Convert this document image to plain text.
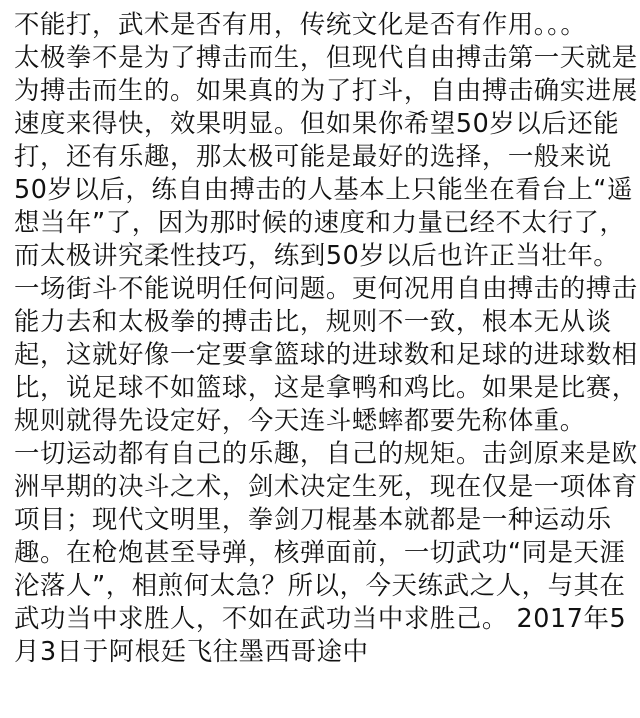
不能打，武术是否有用，传统文化是否有作用。。。
太极拳不是为了搏击而生，但现代自由搏击第一天就是
为搏击而生的。如果真的为了打斗，自由搏击确实进展
速度来得快，效果明显。但如果你希望50岁以后还能
打，还有乐趣，那太极可能是最好的选择，一般来说
50岁以后，练自由搏击的人基本上只能坐在看台上“遥
想当年”了，因为那时候的速度和力量已经不太行了，
而太极讲究柔性技巧，练到50岁以后也许正当壮年。
一场街斗不能说明任何问题。更何况用自由搏击的搏击
能力去和太极拳的搏击比，规则不一致，根本无从谈
起，这就好像一定要拿篮球的进球数和足球的进球数相
比，说足球不如篮球，这是拿鸭和鸡比。如果是比赛，
规则就得先设定好，今天连斗蟋蟀都要先称体重。
一切运动都有自己的乐趣，自己的规矩。击剑原来是欧
洲早期的决斗之术，剑术决定生死，现在仅是一项体育
项目；现代文明里，拳剑刀棍基本就都是一种运动乐
趣。在枪炮甚至导弹，核弹面前，一切武功“同是天涯
沦落人”，相煎何太急？所以，今天练武之人，与其在
武功当中求胜人，不如在武功当中求胜己。 2017年5
月3日于阿根廷飞往墨西哥途中
